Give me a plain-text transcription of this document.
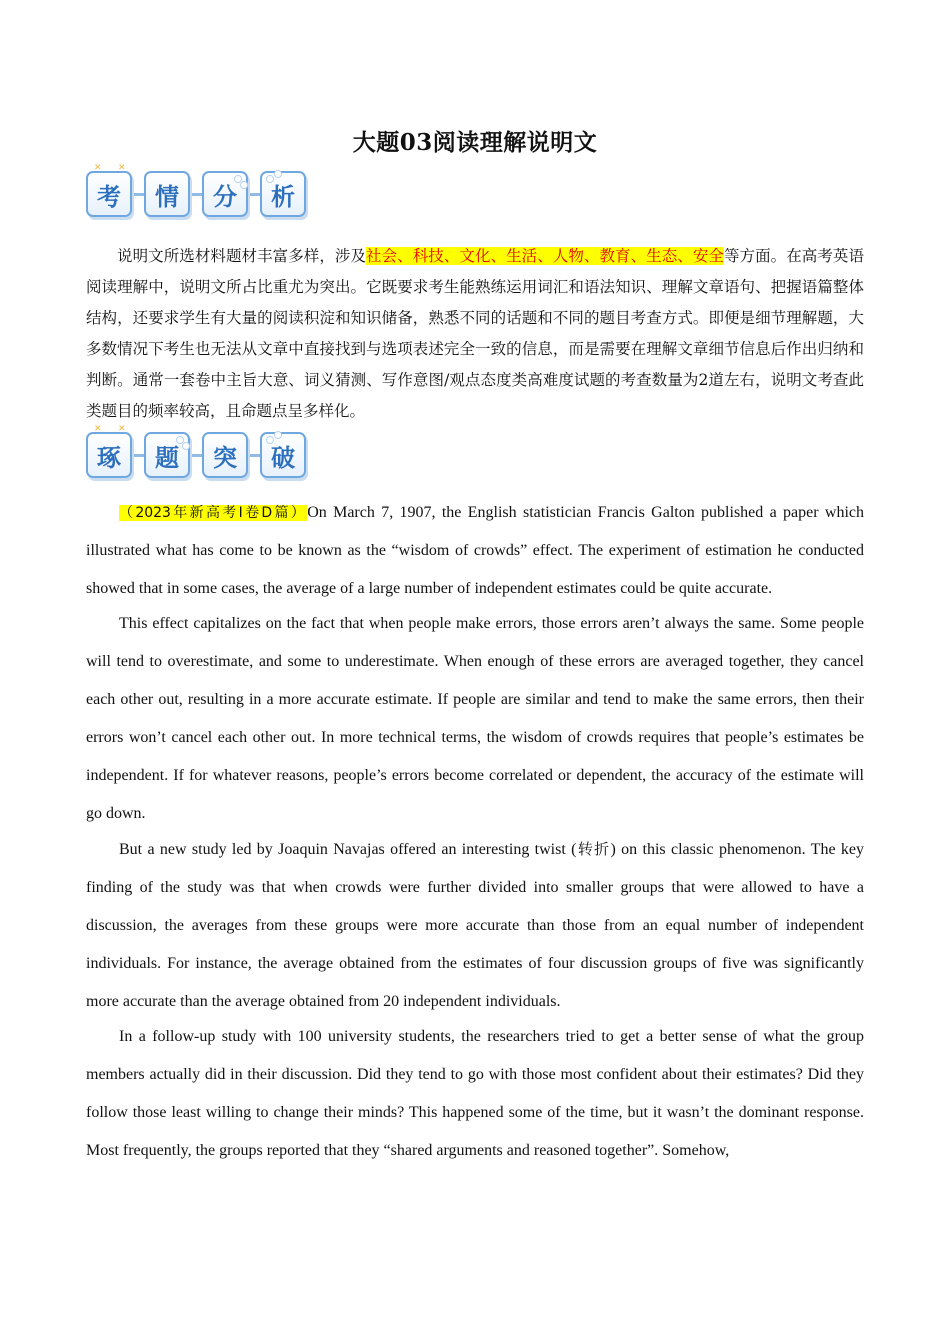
大题03阅读理解说明文
考
✕ ✕
情 分 析
说明文所选材料题材丰富多样，涉及社会、科技、文化、生活、人物、教育、生态、安全等方面。在高考英语阅读理解中，说明文所占比重尤为突出。它既要求考生能熟练运用词汇和语法知识、理解文章语句、把握语篇整体结构，还要求学生有大量的阅读积淀和知识储备，熟悉不同的话题和不同的题目考查方式。即便是细节理解题，大多数情况下考生也无法从文章中直接找到与选项表述完全一致的信息，而是需要在理解文章细节信息后作出归纳和判断。通常一套卷中主旨大意、词义猜测、写作意图/观点态度类高难度试题的考查数量为2道左右，说明文考查此类题目的频率较高，且命题点呈多样化。
琢
✕ ✕
题 突 破

（2023年新高考I卷D篇）On March 7, 1907, the English statistician Francis Galton published a paper which illustrated what has come to be known as the “wisdom of crowds” effect. The experiment of estimation he conducted showed that in some cases, the average of a large number of independent estimates could be quite accurate.

This effect capitalizes on the fact that when people make errors, those errors aren’t always the same. Some people will tend to overestimate, and some to underestimate. When enough of these errors are averaged together, they cancel each other out, resulting in a more accurate estimate. If people are similar and tend to make the same errors, then their errors won’t cancel each other out. In more technical terms, the wisdom of crowds requires that people’s estimates be independent. If for whatever reasons, people’s errors become correlated or dependent, the accuracy of the estimate will go down.

But a new study led by Joaquin Navajas offered an interesting twist (转折) on this classic phenomenon. The key finding of the study was that when crowds were further divided into smaller groups that were allowed to have a discussion, the averages from these groups were more accurate than those from an equal number of independent individuals. For instance, the average obtained from the estimates of four discussion groups of five was significantly more accurate than the average obtained from 20 independent individuals.

In a follow-up study with 100 university students, the researchers tried to get a better sense of what the group members actually did in their discussion. Did they tend to go with those most confident about their estimates? Did they follow those least willing to change their minds? This happened some of the time, but it wasn’t the dominant response. Most frequently, the groups reported that they “shared arguments and reasoned together”. Somehow,
